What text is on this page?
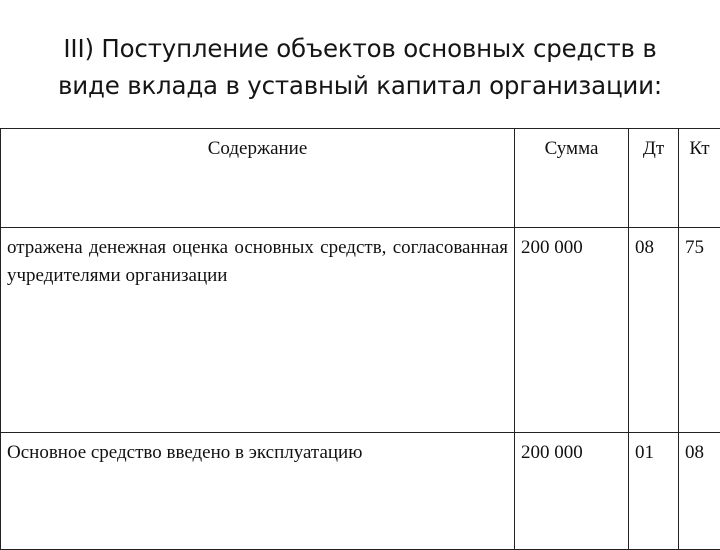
III) Поступление объектов основных средств в
виде вклада в уставный капитал организации:
Содержание	Сумма	Дт	Кт
отражена денежная оценка основных средств, согласованная учредителями организации	200 000	08	75
Основное средство введено в эксплуатацию	200 000	01	08
